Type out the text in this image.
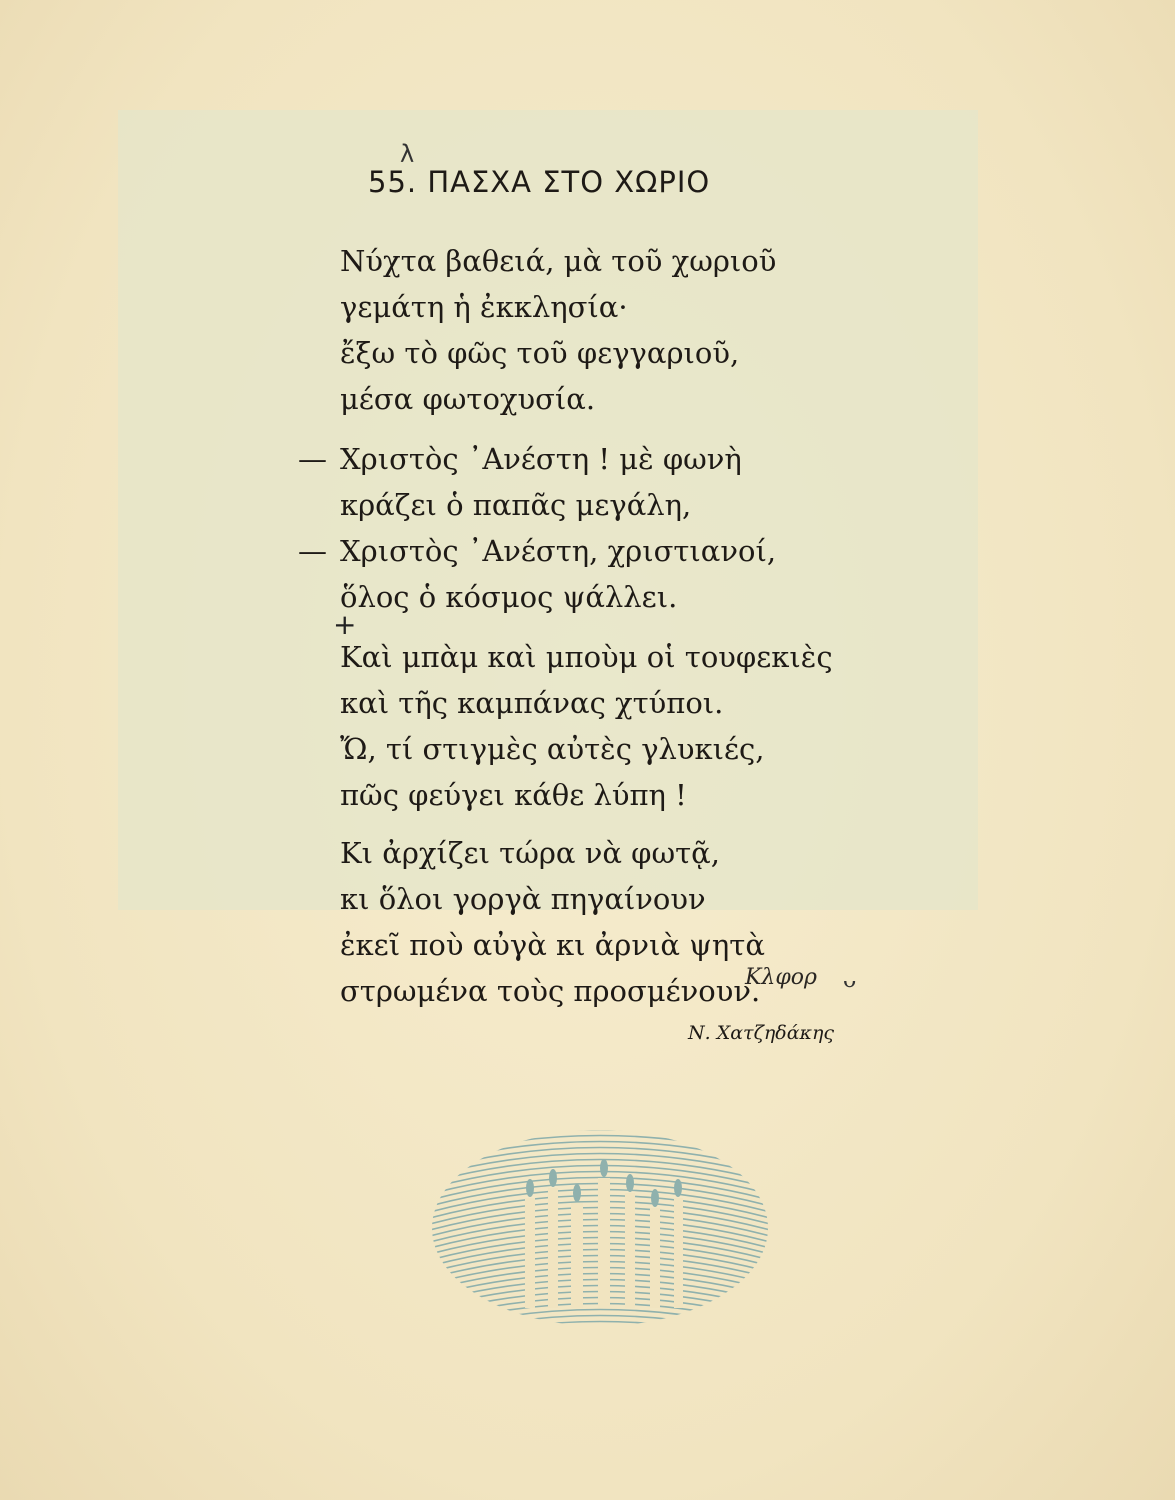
λ
55. ΠΑΣΧΑ ΣΤΟ ΧΩΡΙΟ
Νύχτα βαθειά, μὰ τοῦ χωριοῦ
γεμάτη ἡ ἐκκλησία·
ἔξω τὸ φῶς τοῦ φεγγαριοῦ,
μέσα φωτοχυσία.
— Χριστὸς ᾿Ανέστη ! μὲ φωνὴ
κράζει ὁ παπᾶς μεγάλη,
— Χριστὸς ᾿Ανέστη, χριστιανοί,
ὅλος ὁ κόσμος ψάλλει.
+
Καὶ μπὰμ καὶ μποὺμ οἱ τουφεκιὲς
καὶ τῆς καμπάνας χτύποι.
Ὤ, τί στιγμὲς αὐτὲς γλυκιές,
πῶς φεύγει κάθε λύπη !
Κι ἀρχίζει τώρα νὰ φωτᾷ,
κι ὅλοι γοργὰ πηγαίνουν
ἐκεῖ ποὺ αὐγὰ κι ἀρνιὰ ψητὰ
στρωμένα τοὺς προσμένουν.
Κλφορ ᴗ
Ν. Χατζηδάκης
